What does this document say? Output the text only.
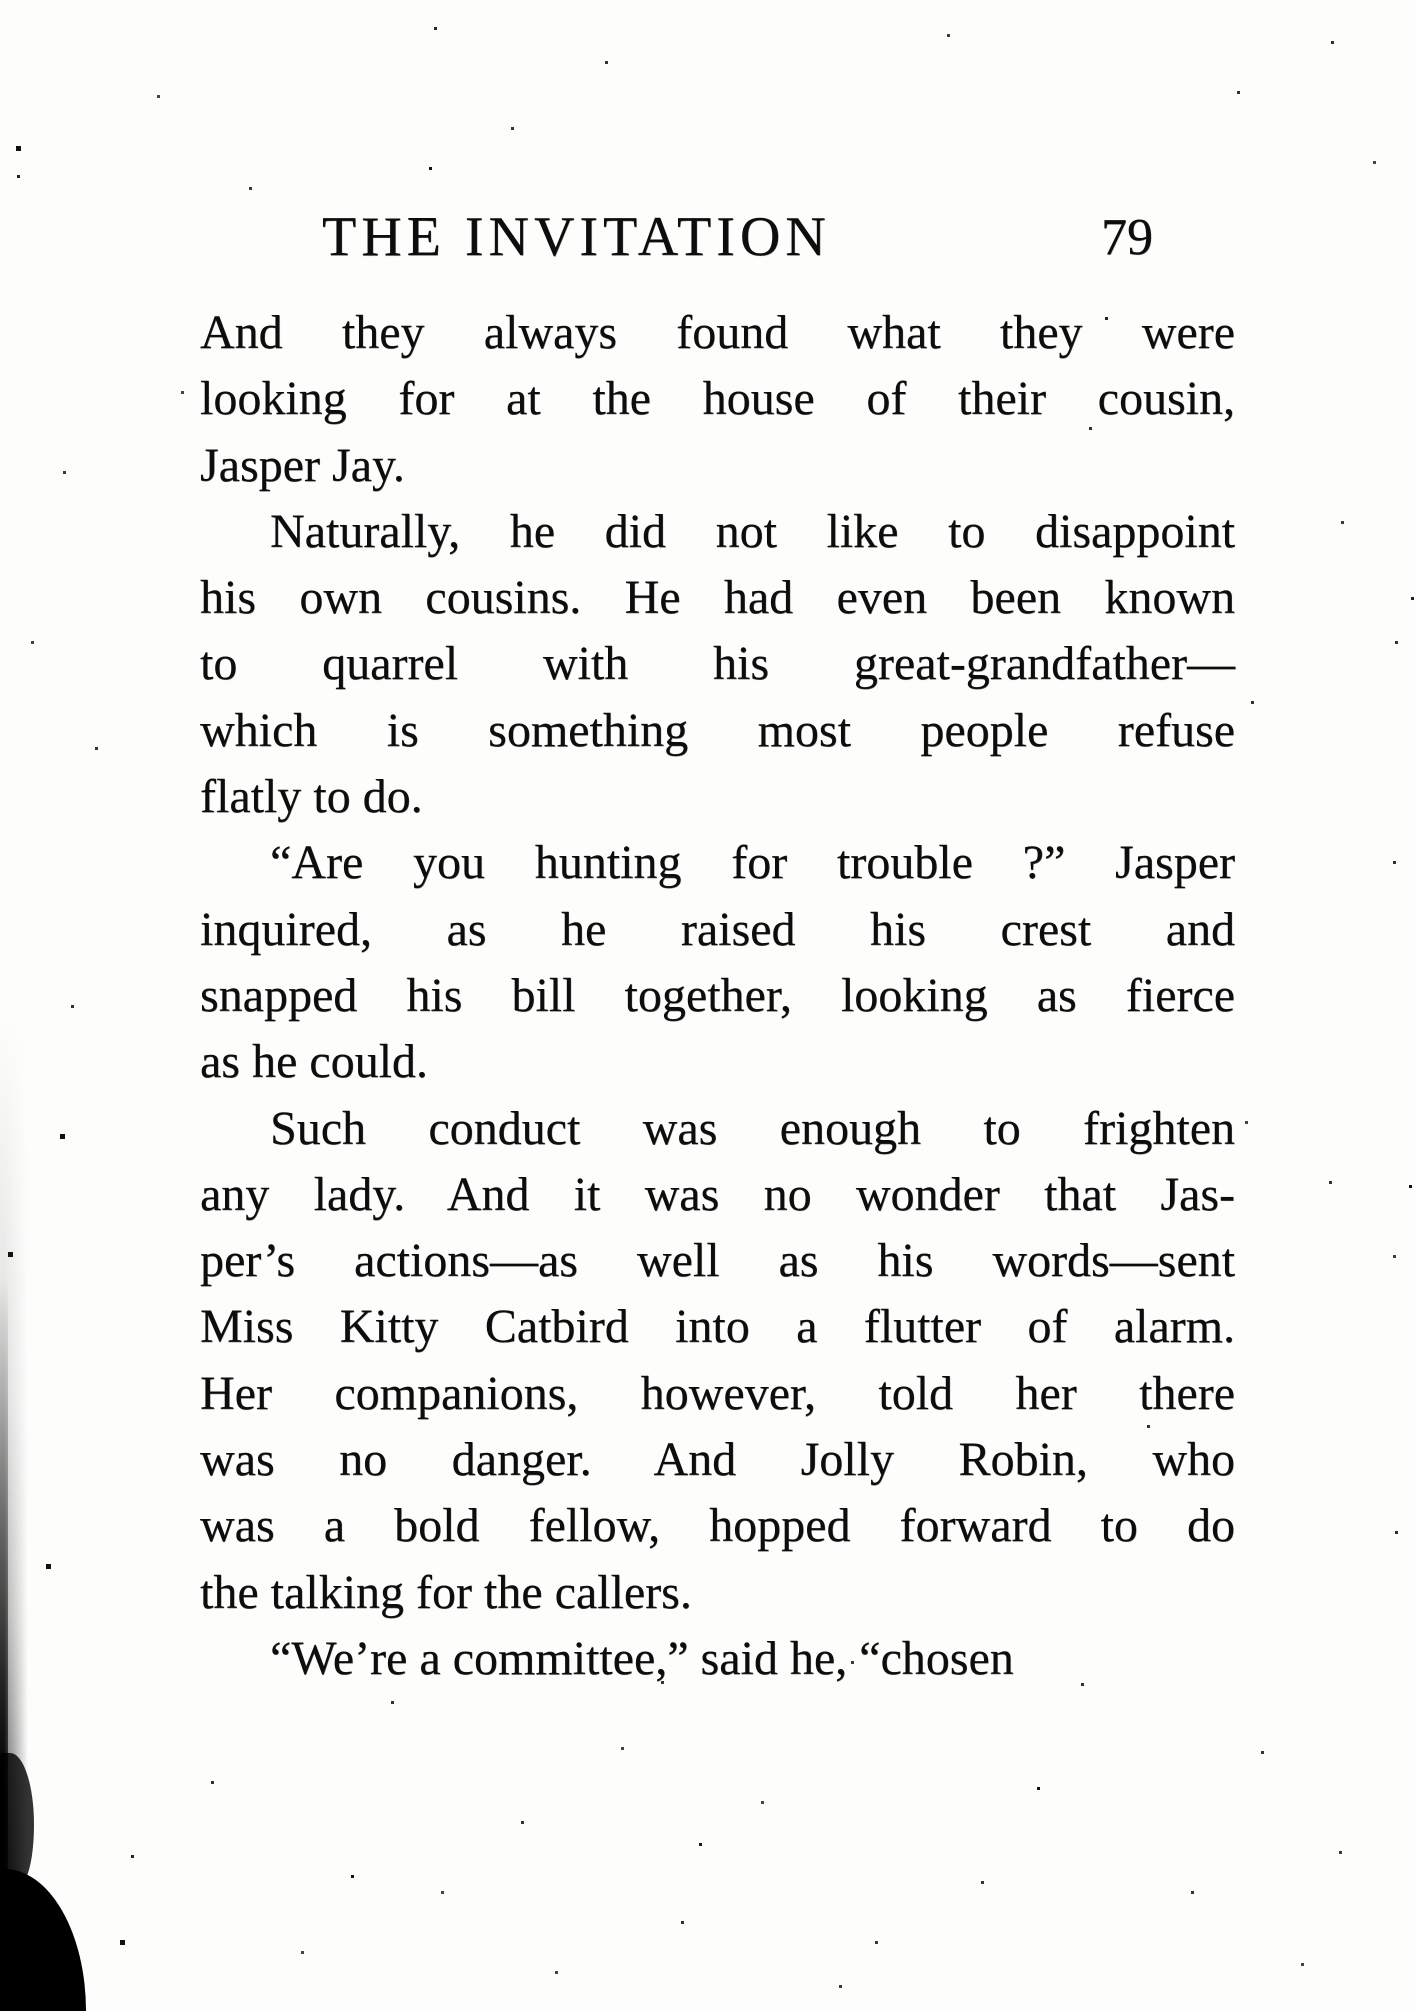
THE INVITATION	79
And they always found what they were
looking for at the house of their cousin,
Jasper Jay.
Naturally, he did not like to disappoint
his own cousins. He had even been known
to quarrel with his great-grandfather—
which is something most people refuse
flatly to do.
“Are you hunting for trouble ?” Jasper
inquired, as he raised his crest and
snapped his bill together, looking as fierce
as he could.
Such conduct was enough to frighten
any lady. And it was no wonder that Jas-
per’s actions—as well as his words—sent
Miss Kitty Catbird into a flutter of alarm.
Her companions, however, told her there
was no danger. And Jolly Robin, who
was a bold fellow, hopped forward to do
the talking for the callers.
“We’re a committee,” said he, “chosen
